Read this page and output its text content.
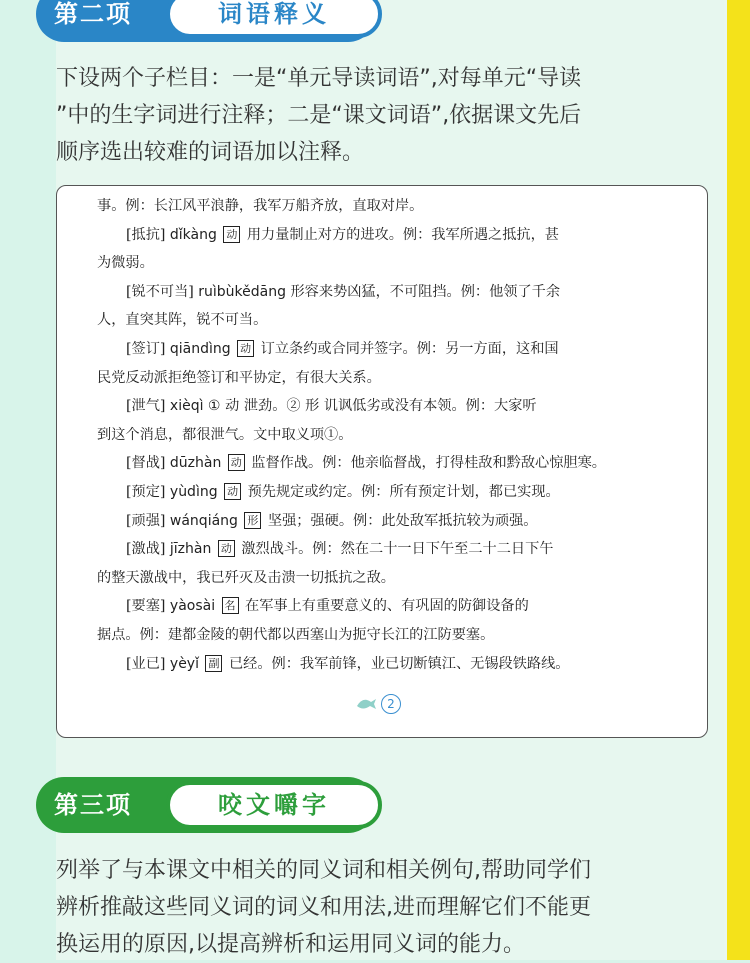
第二项	词语释义
下设两个子栏目：一是“单元导读词语”,对每单元“导读
”中的生字词进行注释；二是“课文词语”,依据课文先后
顺序选出较难的词语加以注释。

事。例：长江风平浪静，我军万船齐放，直取对岸。

[抵抗] dǐkàng 动 用力量制止对方的进攻。例：我军所遇之抵抗，甚

为微弱。

[锐不可当] ruìbùkědāng 形容来势凶猛，不可阻挡。例：他领了千余

人，直突其阵，锐不可当。

[签订] qiāndìng 动 订立条约或合同并签字。例：另一方面，这和国

民党反动派拒绝签订和平协定，有很大关系。

[泄气] xièqì ① 动 泄劲。② 形 讥讽低劣或没有本领。例：大家听

到这个消息，都很泄气。文中取义项①。

[督战] dūzhàn 动 监督作战。例：他亲临督战，打得桂敌和黔敌心惊胆寒。

[预定] yùdìng 动 预先规定或约定。例：所有预定计划，都已实现。

[顽强] wánqiáng 形 坚强；强硬。例：此处敌军抵抗较为顽强。

[激战] jīzhàn 动 激烈战斗。例：然在二十一日下午至二十二日下午

的整天激战中，我已歼灭及击溃一切抵抗之敌。

[要塞] yàosài 名 在军事上有重要意义的、有巩固的防御设备的

据点。例：建都金陵的朝代都以西塞山为扼守长江的江防要塞。

[业已] yèyǐ 副 已经。例：我军前锋，业已切断镇江、无锡段铁路线。

2
第三项	咬文嚼字
列举了与本课文中相关的同义词和相关例句,帮助同学们
辨析推敲这些同义词的词义和用法,进而理解它们不能更
换运用的原因,以提高辨析和运用同义词的能力。
